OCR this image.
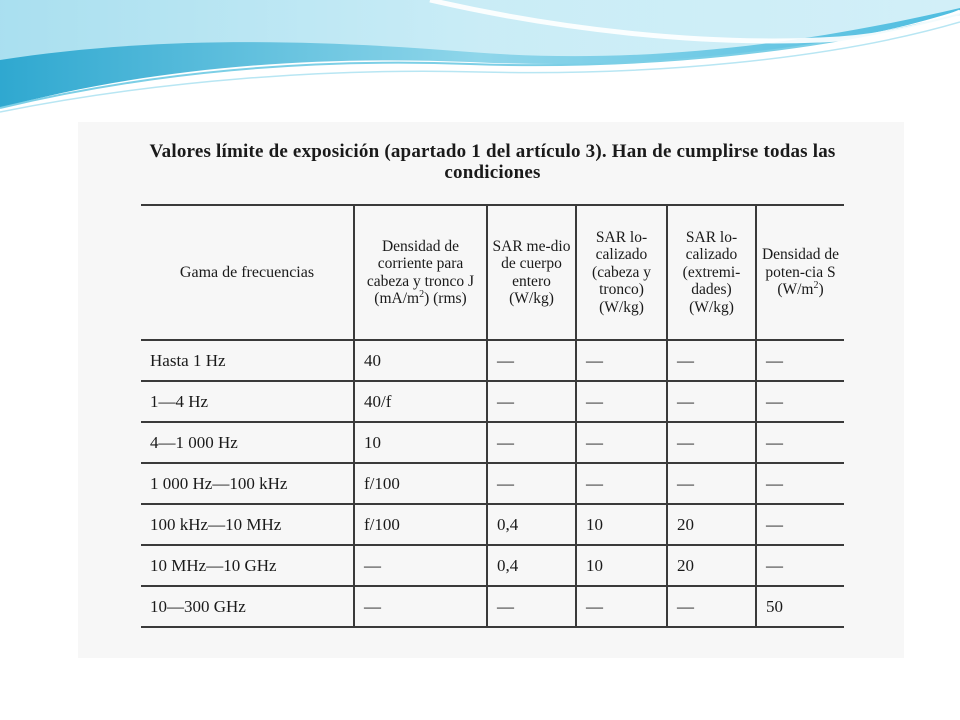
Valores límite de exposición (apartado 1 del artículo 3). Han de cumplirse todas las condiciones
Gama de frecuencias	Densidad de corriente para cabeza y tronco J $(mA/m^2)$ (rms)	SAR me-dio de cuerpo entero (W/kg)	SAR lo-calizado (cabeza y tronco) (W/kg)	SAR lo-calizado (extremi-dades) (W/kg)	Densidad de poten-cia S $(W/m^2)$
Hasta 1 Hz	40	—	—	—	—
1—4 Hz	40/f	—	—	—	—
4—1 000 Hz	10	—	—	—	—
1 000 Hz—100 kHz	f/100	—	—	—	—
100 kHz—10 MHz	f/100	0,4	10	20	—
10 MHz—10 GHz	—	0,4	10	20	—
10—300 GHz	—	—	—	—	50
